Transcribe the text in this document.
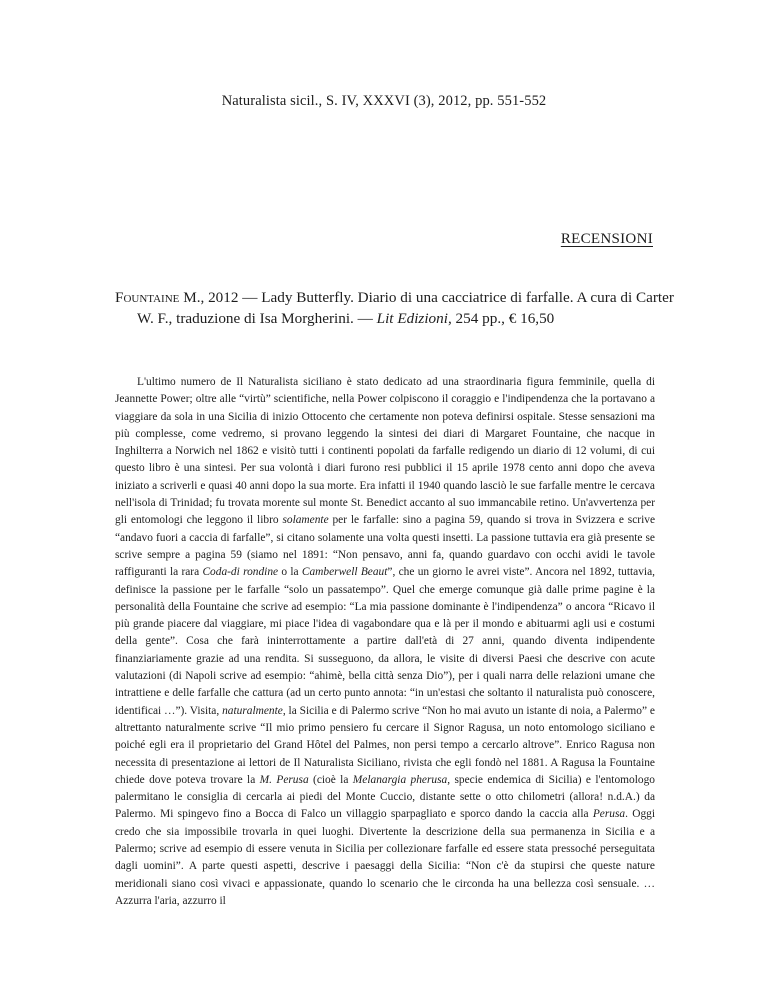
Naturalista sicil., S. IV, XXXVI (3), 2012, pp. 551-552
RECENSIONI
Fountaine M., 2012 — Lady Butterfly. Diario di una cacciatrice di farfalle. A cura di Carter W. F., traduzione di Isa Morgherini. — Lit Edizioni, 254 pp., € 16,50

L'ultimo numero de Il Naturalista siciliano è stato dedicato ad una straordinaria figura femminile, quella di Jeannette Power; oltre alle “virtù” scientifiche, nella Power colpiscono il coraggio e l'indipendenza che la portavano a viaggiare da sola in una Sicilia di inizio Ottocento che certamente non poteva definirsi ospitale. Stesse sensazioni ma più complesse, come vedremo, si provano leggendo la sintesi dei diari di Margaret Fountaine, che nacque in Inghilterra a Norwich nel 1862 e visitò tutti i continenti popolati da farfalle redigendo un diario di 12 volumi, di cui questo libro è una sintesi. Per sua volontà i diari furono resi pubblici il 15 aprile 1978 cento anni dopo che aveva iniziato a scriverli e quasi 40 anni dopo la sua morte. Era infatti il 1940 quando lasciò le sue farfalle mentre le cercava nell'isola di Trinidad; fu trovata morente sul monte St. Benedict accanto al suo immancabile retino. Un'avvertenza per gli entomologi che leggono il libro solamente per le farfalle: sino a pagina 59, quando si trova in Svizzera e scrive “andavo fuori a caccia di farfalle”, si citano solamente una volta questi insetti. La passione tuttavia era già presente se scrive sempre a pagina 59 (siamo nel 1891: “Non pensavo, anni fa, quando guardavo con occhi avidi le tavole raffiguranti la rara Coda-di rondine o la Camberwell Beaut”, che un giorno le avrei viste”. Ancora nel 1892, tuttavia, definisce la passione per le farfalle “solo un passatempo”. Quel che emerge comunque già dalle prime pagine è la personalità della Fountaine che scrive ad esempio: “La mia passione dominante è l'indipendenza” o ancora “Ricavo il più grande piacere dal viaggiare, mi piace l'idea di vagabondare qua e là per il mondo e abituarmi agli usi e costumi della gente”. Cosa che farà ininterrottamente a partire dall'età di 27 anni, quando diventa indipendente finanziariamente grazie ad una rendita. Si susseguono, da allora, le visite di diversi Paesi che descrive con acute valutazioni (di Napoli scrive ad esempio: “ahimè, bella città senza Dio”), per i quali narra delle relazioni umane che intrattiene e delle farfalle che cattura (ad un certo punto annota: “in un'estasi che soltanto il naturalista può conoscere, identificai …”). Visita, naturalmente, la Sicilia e di Palermo scrive “Non ho mai avuto un istante di noia, a Palermo” e altrettanto naturalmente scrive “Il mio primo pensiero fu cercare il Signor Ragusa, un noto entomologo siciliano e poiché egli era il proprietario del Grand Hôtel del Palmes, non persi tempo a cercarlo altrove”. Enrico Ragusa non necessita di presentazione ai lettori de Il Naturalista Siciliano, rivista che egli fondò nel 1881. A Ragusa la Fountaine chiede dove poteva trovare la M. Perusa (cioè la Melanargia pherusa, specie endemica di Sicilia) e l'entomologo palermitano le consiglia di cercarla ai piedi del Monte Cuccio, distante sette o otto chilometri (allora! n.d.A.) da Palermo. Mi spingevo fino a Bocca di Falco un villaggio sparpagliato e sporco dando la caccia alla Perusa. Oggi credo che sia impossibile trovarla in quei luoghi. Divertente la descrizione della sua permanenza in Sicilia e a Palermo; scrive ad esempio di essere venuta in Sicilia per collezionare farfalle ed essere stata pressoché perseguitata dagli uomini”. A parte questi aspetti, descrive i paesaggi della Sicilia: “Non c'è da stupirsi che queste nature meridionali siano così vivaci e appassionate, quando lo scenario che le circonda ha una bellezza così sensuale. … Azzurra l'aria, azzurro il
